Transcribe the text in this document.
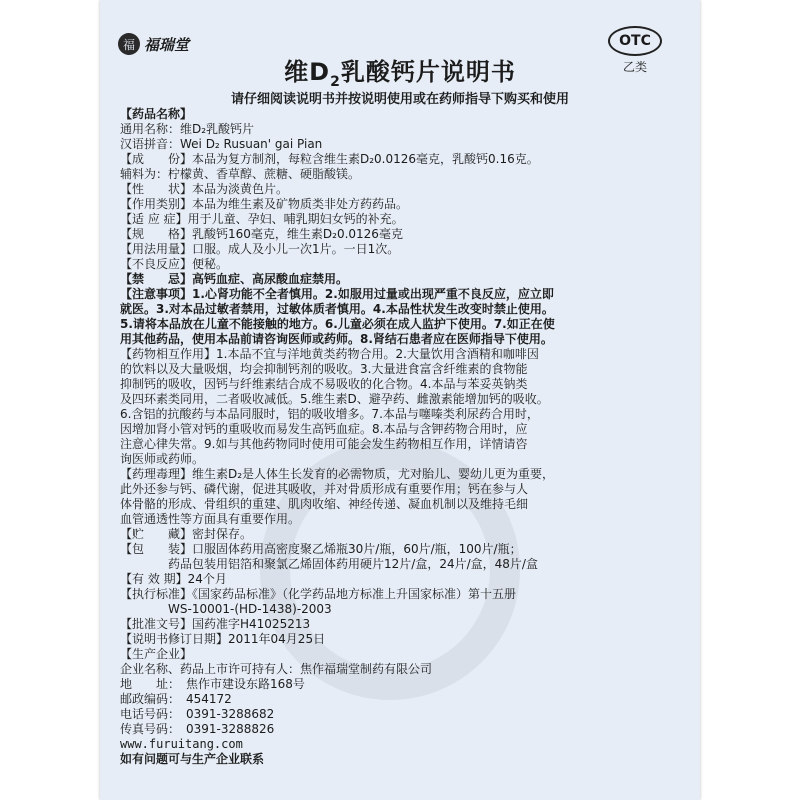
福 福瑞堂
维$D_2$乳酸钙片说明书
OTC
乙类
请仔细阅读说明书并按说明使用或在药师指导下购买和使用
【药品名称】
通用名称：维D₂乳酸钙片
汉语拼音：Wei D₂ Rusuan' gai Pian
【成　　份】本品为复方制剂，每粒含维生素D₂0.0126毫克，乳酸钙0.16克。
辅料为：柠檬黄、香草醇、蔗糖、硬脂酸镁。
【性　　状】本品为淡黄色片。
【作用类别】本品为维生素及矿物质类非处方药药品。
【适 应 症】用于儿童、孕妇、哺乳期妇女钙的补充。
【规　　格】乳酸钙160毫克，维生素D₂0.0126毫克
【用法用量】口服。成人及小儿一次1片。一日1次。
【不良反应】便秘。
【禁　　忌】高钙血症、高尿酸血症禁用。
【注意事项】1.心肾功能不全者慎用。2.如服用过量或出现严重不良反应，应立即
就医。3.对本品过敏者禁用，过敏体质者慎用。4.本品性状发生改变时禁止使用。
5.请将本品放在儿童不能接触的地方。6.儿童必须在成人监护下使用。7.如正在使
用其他药品，使用本品前请咨询医师或药师。8.肾结石患者应在医师指导下使用。
【药物相互作用】1.本品不宜与洋地黄类药物合用。2.大量饮用含酒精和咖啡因
的饮料以及大量吸烟，均会抑制钙剂的吸收。3.大量进食富含纤维素的食物能
抑制钙的吸收，因钙与纤维素结合成不易吸收的化合物。4.本品与苯妥英钠类
及四环素类同用，二者吸收减低。5.维生素D、避孕药、雌激素能增加钙的吸收。
6.含铝的抗酸药与本品同服时，铝的吸收增多。7.本品与噻嗪类利尿药合用时，
因增加肾小管对钙的重吸收而易发生高钙血症。8.本品与含钾药物合用时，应
注意心律失常。9.如与其他药物同时使用可能会发生药物相互作用，详情请咨
询医师或药师。
【药理毒理】维生素D₂是人体生长发育的必需物质，尤对胎儿、婴幼儿更为重要，
此外还参与钙、磷代谢，促进其吸收，并对骨质形成有重要作用；钙在参与人
体骨骼的形成、骨组织的重建、肌肉收缩、神经传递、凝血机制以及维持毛细
血管通透性等方面具有重要作用。
【贮　　藏】密封保存。
【包　　装】口服固体药用高密度聚乙烯瓶30片/瓶，60片/瓶，100片/瓶；
　　　　药品包装用铝箔和聚氯乙烯固体药用硬片12片/盒，24片/盒，48片/盒
【有 效 期】24个月
【执行标准】《国家药品标准》（化学药品地方标准上升国家标准）第十五册
　　　　WS-10001-(HD-1438)-2003
【批准文号】国药准字H41025213
【说明书修订日期】2011年04月25日
【生产企业】
企业名称、药品上市许可持有人：焦作福瑞堂制药有限公司
地　　址：　焦作市建设东路168号
邮政编码：　454172
电话号码：　0391-3288682
传真号码：　0391-3288826
www.furuitang.com
如有问题可与生产企业联系
